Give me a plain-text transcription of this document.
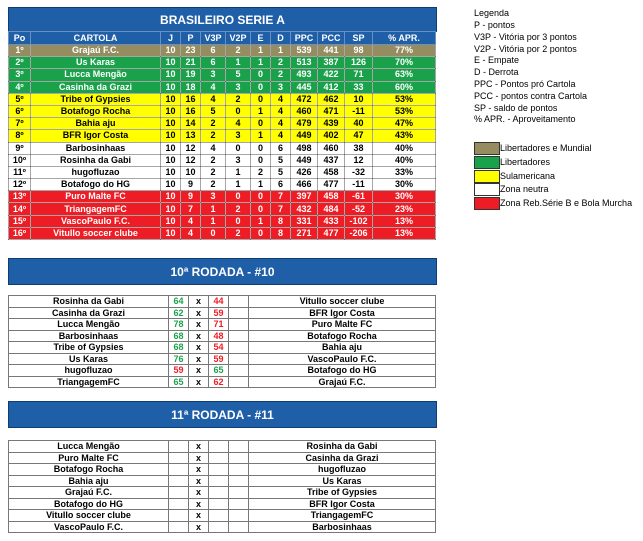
BRASILEIRO SERIE A
Po	CARTOLA	J	P	V3P	V2P	E	D	PPC	PCC	SP	% APR.
1º	Grajaú F.C.	10	23	6	2	1	1	539	441	98	77%
2º	Us Karas	10	21	6	1	1	2	513	387	126	70%
3º	Lucca Mengão	10	19	3	5	0	2	493	422	71	63%
4º	Casinha da Grazi	10	18	4	3	0	3	445	412	33	60%
5º	Tribe of Gypsies	10	16	4	2	0	4	472	462	10	53%
6º	Botafogo Rocha	10	16	5	0	1	4	460	471	-11	53%
7º	Bahia aju	10	14	2	4	0	4	479	439	40	47%
8º	BFR Igor Costa	10	13	2	3	1	4	449	402	47	43%
9º	Barbosinhaas	10	12	4	0	0	6	498	460	38	40%
10º	Rosinha da Gabi	10	12	2	3	0	5	449	437	12	40%
11º	hugofluzao	10	10	2	1	2	5	426	458	-32	33%
12º	Botafogo do HG	10	9	2	1	1	6	466	477	-11	30%
13º	Puro Malte FC	10	9	3	0	0	7	397	458	-61	30%
14º	TriangagemFC	10	7	1	2	0	7	432	484	-52	23%
15º	VascoPaulo F.C.	10	4	1	0	1	8	331	433	-102	13%
16º	Vitullo soccer clube	10	4	0	2	0	8	271	477	-206	13%
Legenda
P - pontos
V3P - Vitória por 3 pontos
V2P - Vitória por 2 pontos
E - Empate
D - Derrota
PPC - Pontos pró Cartola
PCC - pontos contra Cartola
SP - saldo de pontos
% APR. - Aproveitamento
Libertadores e Mundial
Libertadores
Sulamericana
Zona neutra
Zona Reb.Série B e Bola Murcha
10ª RODADA - #10
Rosinha da Gabi	64	x	44		Vitullo soccer clube
Casinha da Grazi	62	x	59		BFR Igor Costa
Lucca Mengão	78	x	71		Puro Malte FC
Barbosinhaas	68	x	48		Botafogo Rocha
Tribe of Gypsies	68	x	54		Bahia aju
Us Karas	76	x	59		VascoPaulo F.C.
hugofluzao	59	x	65		Botafogo do HG
TriangagemFC	65	x	62		Grajaú F.C.
11ª RODADA - #11
Lucca Mengão		x			Rosinha da Gabi
Puro Malte FC		x			Casinha da Grazi
Botafogo Rocha		x			hugofluzao
Bahia aju		x			Us Karas
Grajaú F.C.		x			Tribe of Gypsies
Botafogo do HG		x			BFR Igor Costa
Vitullo soccer clube		x			TriangagemFC
VascoPaulo F.C.		x			Barbosinhaas
